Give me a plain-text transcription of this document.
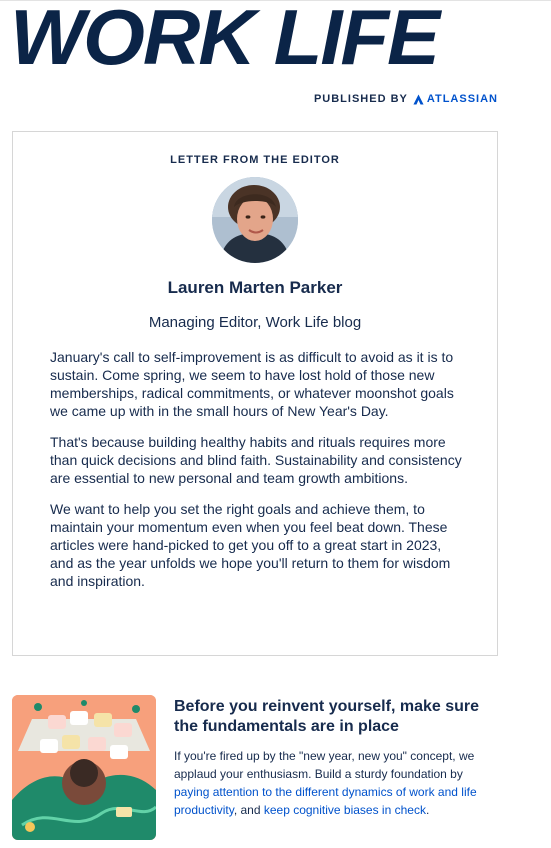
WORK LIFE
PUBLISHED BY ATLASSIAN
LETTER FROM THE EDITOR
Lauren Marten Parker
Managing Editor, Work Life blog

January's call to self-improvement is as difficult to avoid as it is to sustain. Come spring, we seem to have lost hold of those new memberships, radical commitments, or whatever moonshot goals we came up with in the small hours of New Year's Day.

That's because building healthy habits and rituals requires more than quick decisions and blind faith. Sustainability and consistency are essential to new personal and team growth ambitions.

We want to help you set the right goals and achieve them, to maintain your momentum even when you feel beat down. These articles were hand-picked to get you off to a great start in 2023, and as the year unfolds we hope you'll return to them for wisdom and inspiration.

Before you reinvent yourself, make sure the fundamentals are in place
If you're fired up by the "new year, new you" concept, we applaud your enthusiasm. Build a sturdy foundation by paying attention to the different dynamics of work and life productivity, and keep cognitive biases in check.
